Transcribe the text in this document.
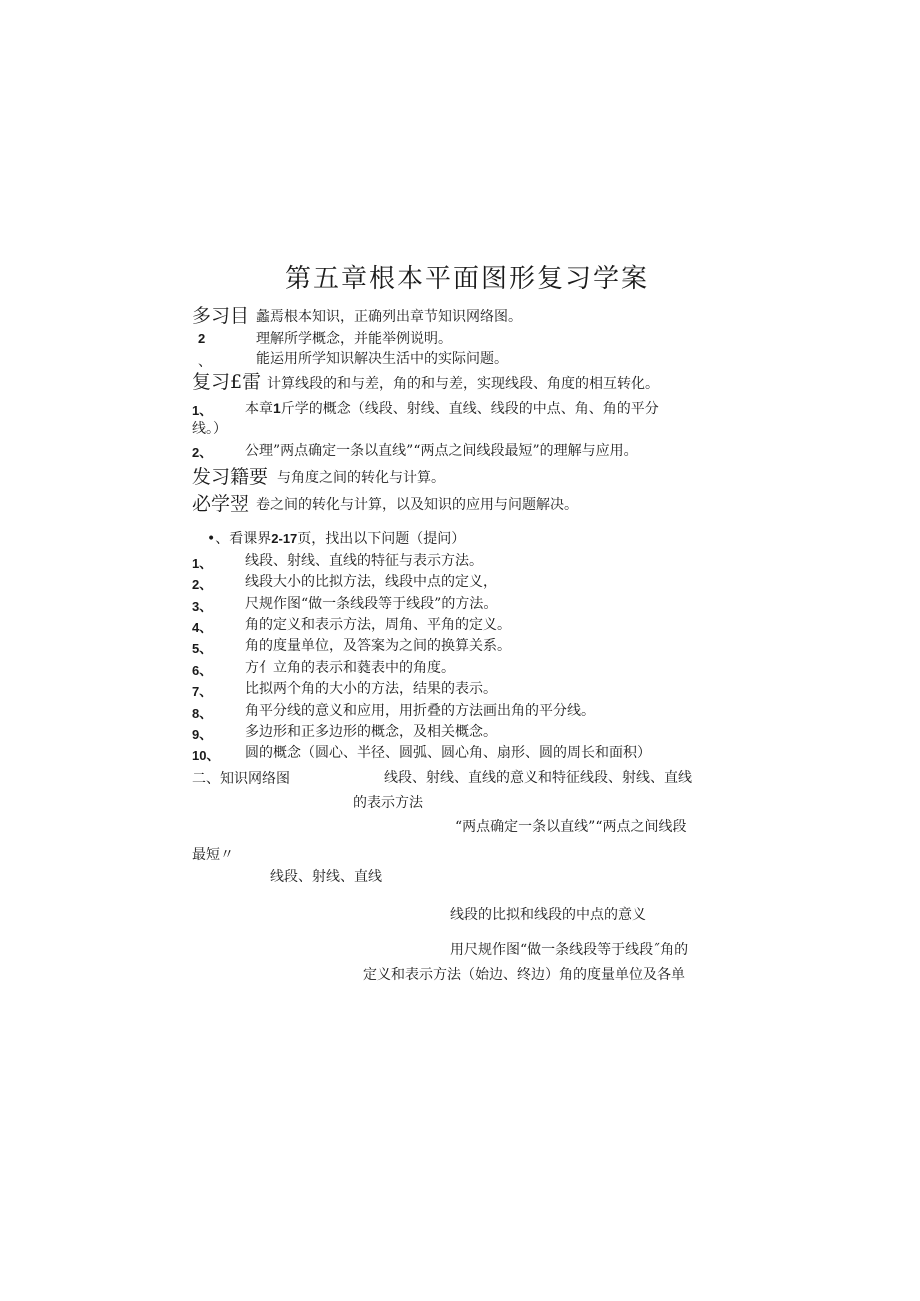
第五章根本平面图形复习学案
多习目 蠡焉根本知识，正确列出章节知识网络图。
2	理解所学概念，并能举例说明。
、	能运用所学知识解决生活中的实际问题。
复习£雷 计算线段的和与差，角的和与差，实现线段、角度的相互转化。
1、 本章1斤学的概念（线段、射线、直线、线段的中点、角、角的平分
线。）
2、 公理”两点确定一条以直线”“两点之间线段最短”的理解与应用。
发习籍要 与角度之间的转化与计算。
必学翌 卷之间的转化与计算，以及知识的应用与问题解决。
•、看课界2-17页，找出以下问题（提问）
1、 线段、射线、直线的特征与表示方法。
2、 线段大小的比拟方法，线段中点的定义，
3、 尺规作图“做一条线段等于线段”的方法。
4、 角的定义和表示方法，周角、平角的定义。
5、 角的度量单位，及答案为之间的换算关系。
6、 方亻立角的表示和蕤表中的角度。
7、 比拟两个角的大小的方法，结果的表示。
8、 角平分线的意义和应用，用折叠的方法画出角的平分线。
9、 多边形和正多边形的概念，及相关概念。
10、 圆的概念（圆心、半径、圆弧、圆心角、扇形、圆的周长和面积）
二、知识网络图	线段、射线、直线的意义和特征线段、射线、直线
的表示方法
“两点确定一条以直线”“两点之间线段
最短〃
线段、射线、直线
线段的比拟和线段的中点的意义
用尺规作图“做一条线段等于线段˝角的
定义和表示方法（始边、终边）角的度量单位及各单
